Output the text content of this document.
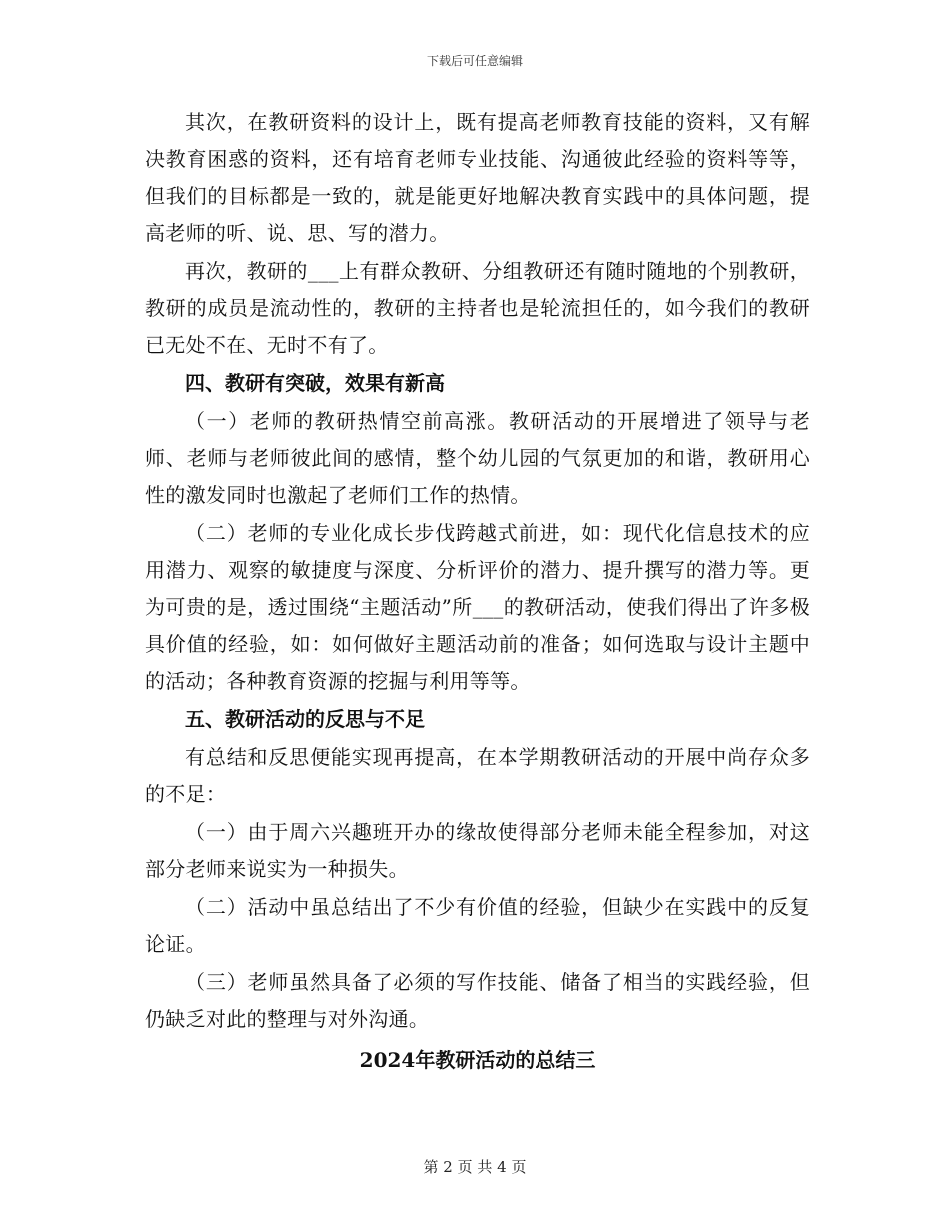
下载后可任意编辑

其次，在教研资料的设计上，既有提高老师教育技能的资料，又有解决教育困惑的资料，还有培育老师专业技能、沟通彼此经验的资料等等，但我们的目标都是一致的，就是能更好地解决教育实践中的具体问题，提高老师的听、说、思、写的潜力。

再次，教研的___上有群众教研、分组教研还有随时随地的个别教研，教研的成员是流动性的，教研的主持者也是轮流担任的，如今我们的教研已无处不在、无时不有了。

四、教研有突破，效果有新高

（一）老师的教研热情空前高涨。教研活动的开展增进了领导与老师、老师与老师彼此间的感情，整个幼儿园的气氛更加的和谐，教研用心性的激发同时也激起了老师们工作的热情。

（二）老师的专业化成长步伐跨越式前进，如：现代化信息技术的应用潜力、观察的敏捷度与深度、分析评价的潜力、提升撰写的潜力等。更为可贵的是，透过围绕“主题活动”所___的教研活动，使我们得出了许多极具价值的经验，如：如何做好主题活动前的准备；如何选取与设计主题中的活动；各种教育资源的挖掘与利用等等。

五、教研活动的反思与不足

有总结和反思便能实现再提高，在本学期教研活动的开展中尚存众多的不足：

（一）由于周六兴趣班开办的缘故使得部分老师未能全程参加，对这部分老师来说实为一种损失。

（二）活动中虽总结出了不少有价值的经验，但缺少在实践中的反复论证。

（三）老师虽然具备了必须的写作技能、储备了相当的实践经验，但仍缺乏对此的整理与对外沟通。

2024年教研活动的总结三

第 2 页 共 4 页
